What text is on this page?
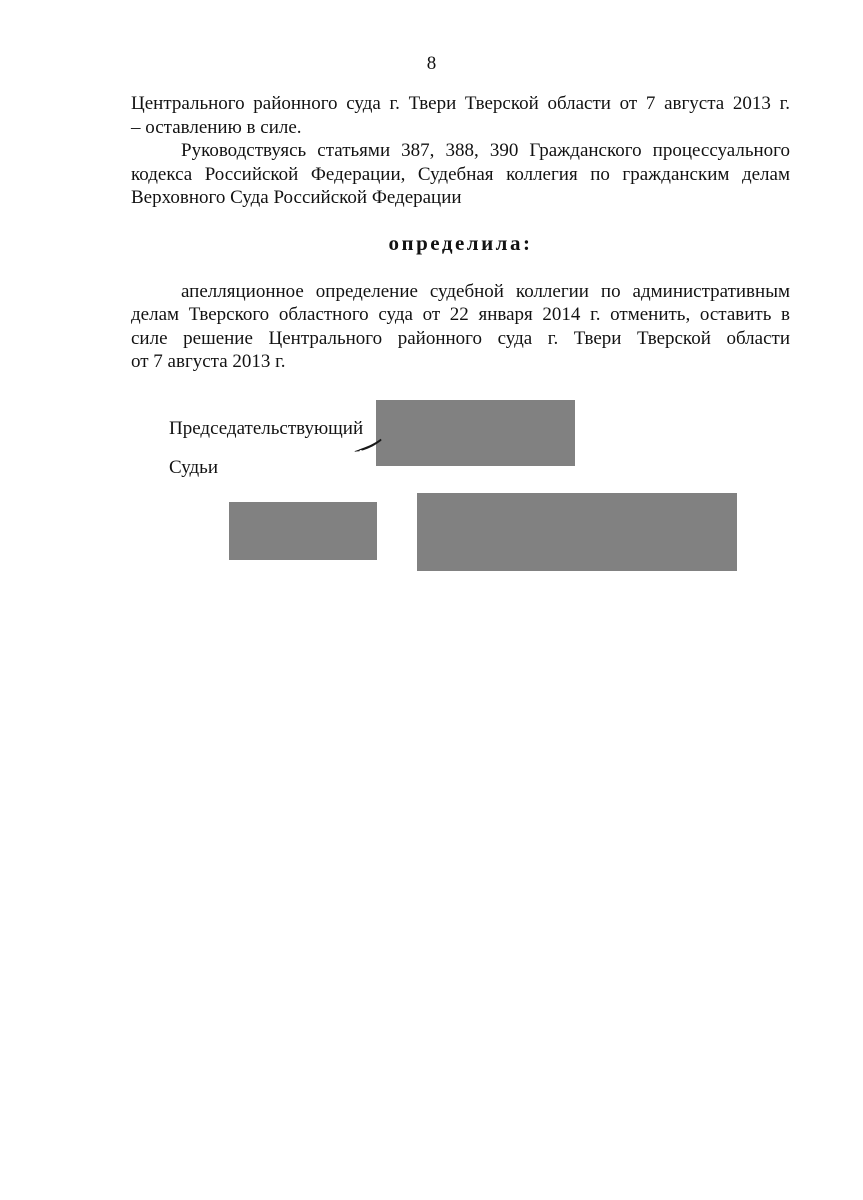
8
Центрального районного суда г. Твери Тверской области от 7 августа 2013 г.
– оставлению в силе.
Руководствуясь статьями 387, 388, 390 Гражданского процессуального
кодекса Российской Федерации, Судебная коллегия по гражданским делам
Верховного Суда Российской Федерации
определила:
апелляционное определение судебной коллегии по административным
делам Тверского областного суда от 22 января 2014 г. отменить, оставить в
силе решение Центрального районного суда г. Твери Тверской области
от 7 августа 2013 г.
Председательствующий
Судьи
